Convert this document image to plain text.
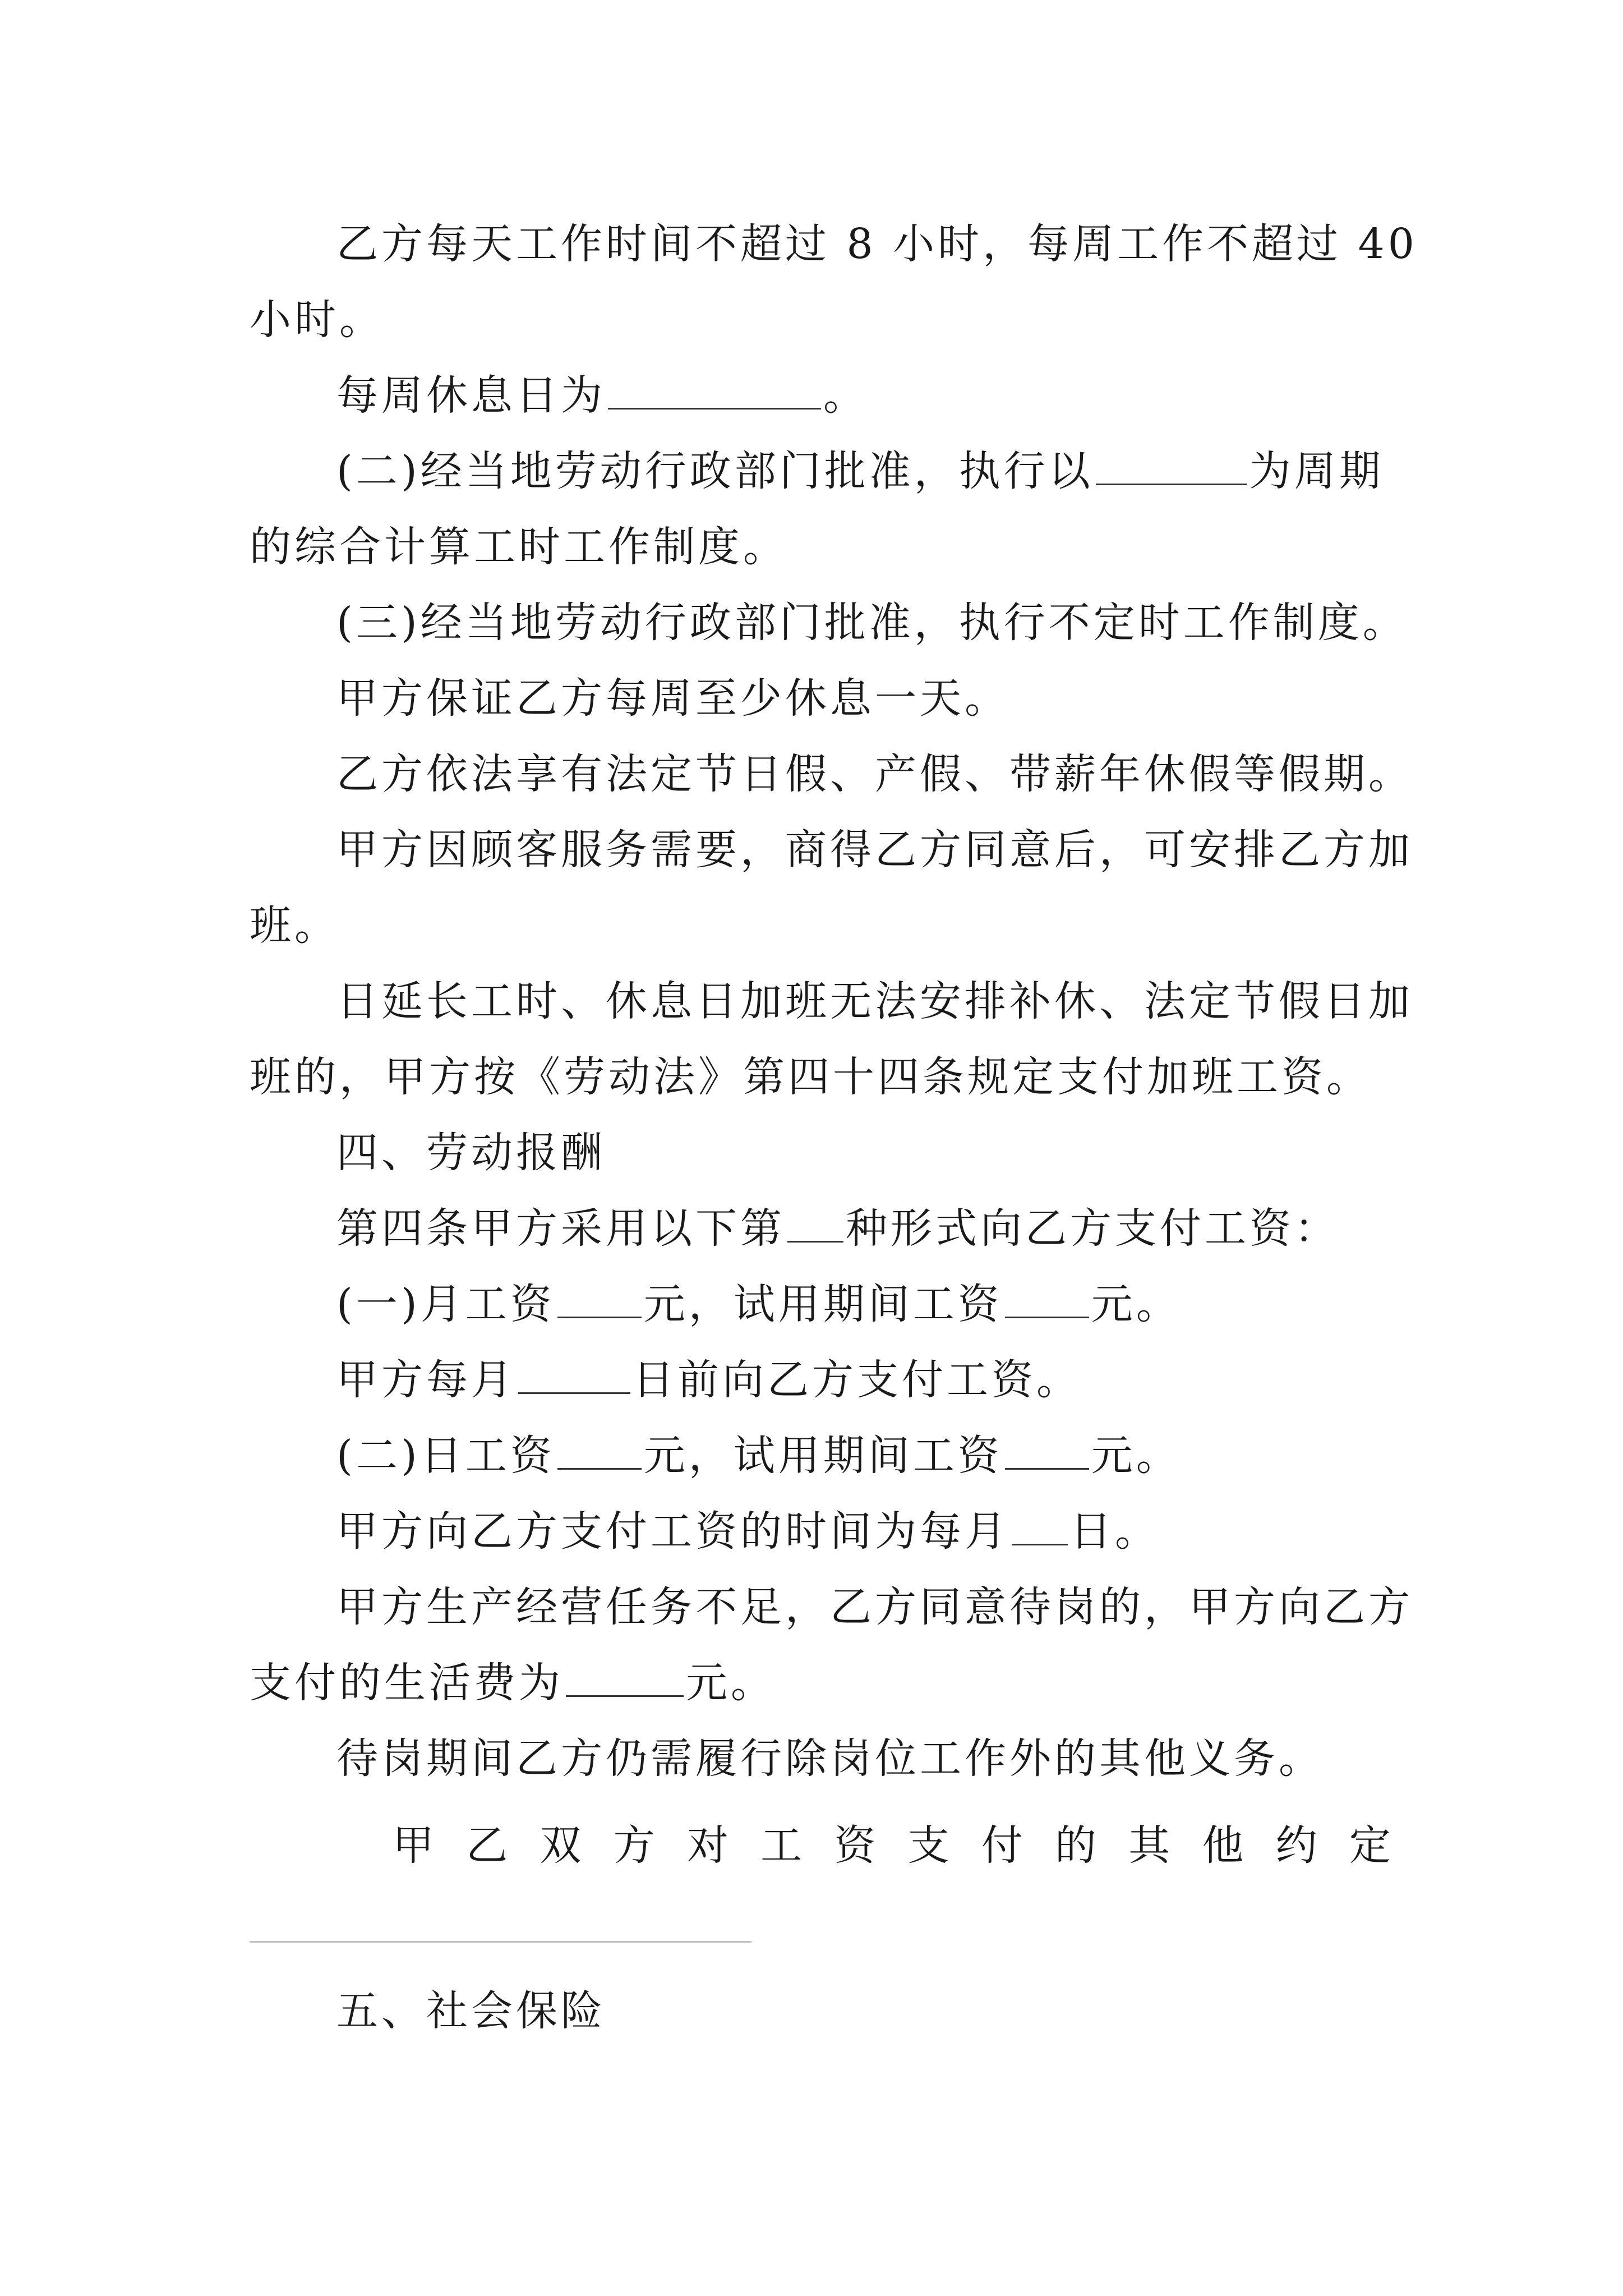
乙方每天工作时间不超过 8 小时，每周工作不超过 40
小时。
每周休息日为	。
(二)经当地劳动行政部门批准，执行以	为周期
的综合计算工时工作制度。
(三)经当地劳动行政部门批准，执行不定时工作制度。
甲方保证乙方每周至少休息一天。
乙方依法享有法定节日假、产假、带薪年休假等假期。
甲方因顾客服务需要，商得乙方同意后，可安排乙方加
班。
日延长工时、休息日加班无法安排补休、法定节假日加
班的，甲方按《劳动法》第四十四条规定支付加班工资。
四、劳动报酬
第四条甲方采用以下第 种形式向乙方支付工资：
(一)月工资 元，试用期间工资 元。
甲方每月	日前向乙方支付工资。
(二)日工资 元，试用期间工资 元。
甲方向乙方支付工资的时间为每月 日。
甲方生产经营任务不足，乙方同意待岗的，甲方向乙方
支付的生活费为	元。
待岗期间乙方仍需履行除岗位工作外的其他义务。
甲 乙 双 方 对 工 资 支 付 的 其 他 约 定
五、社会保险
